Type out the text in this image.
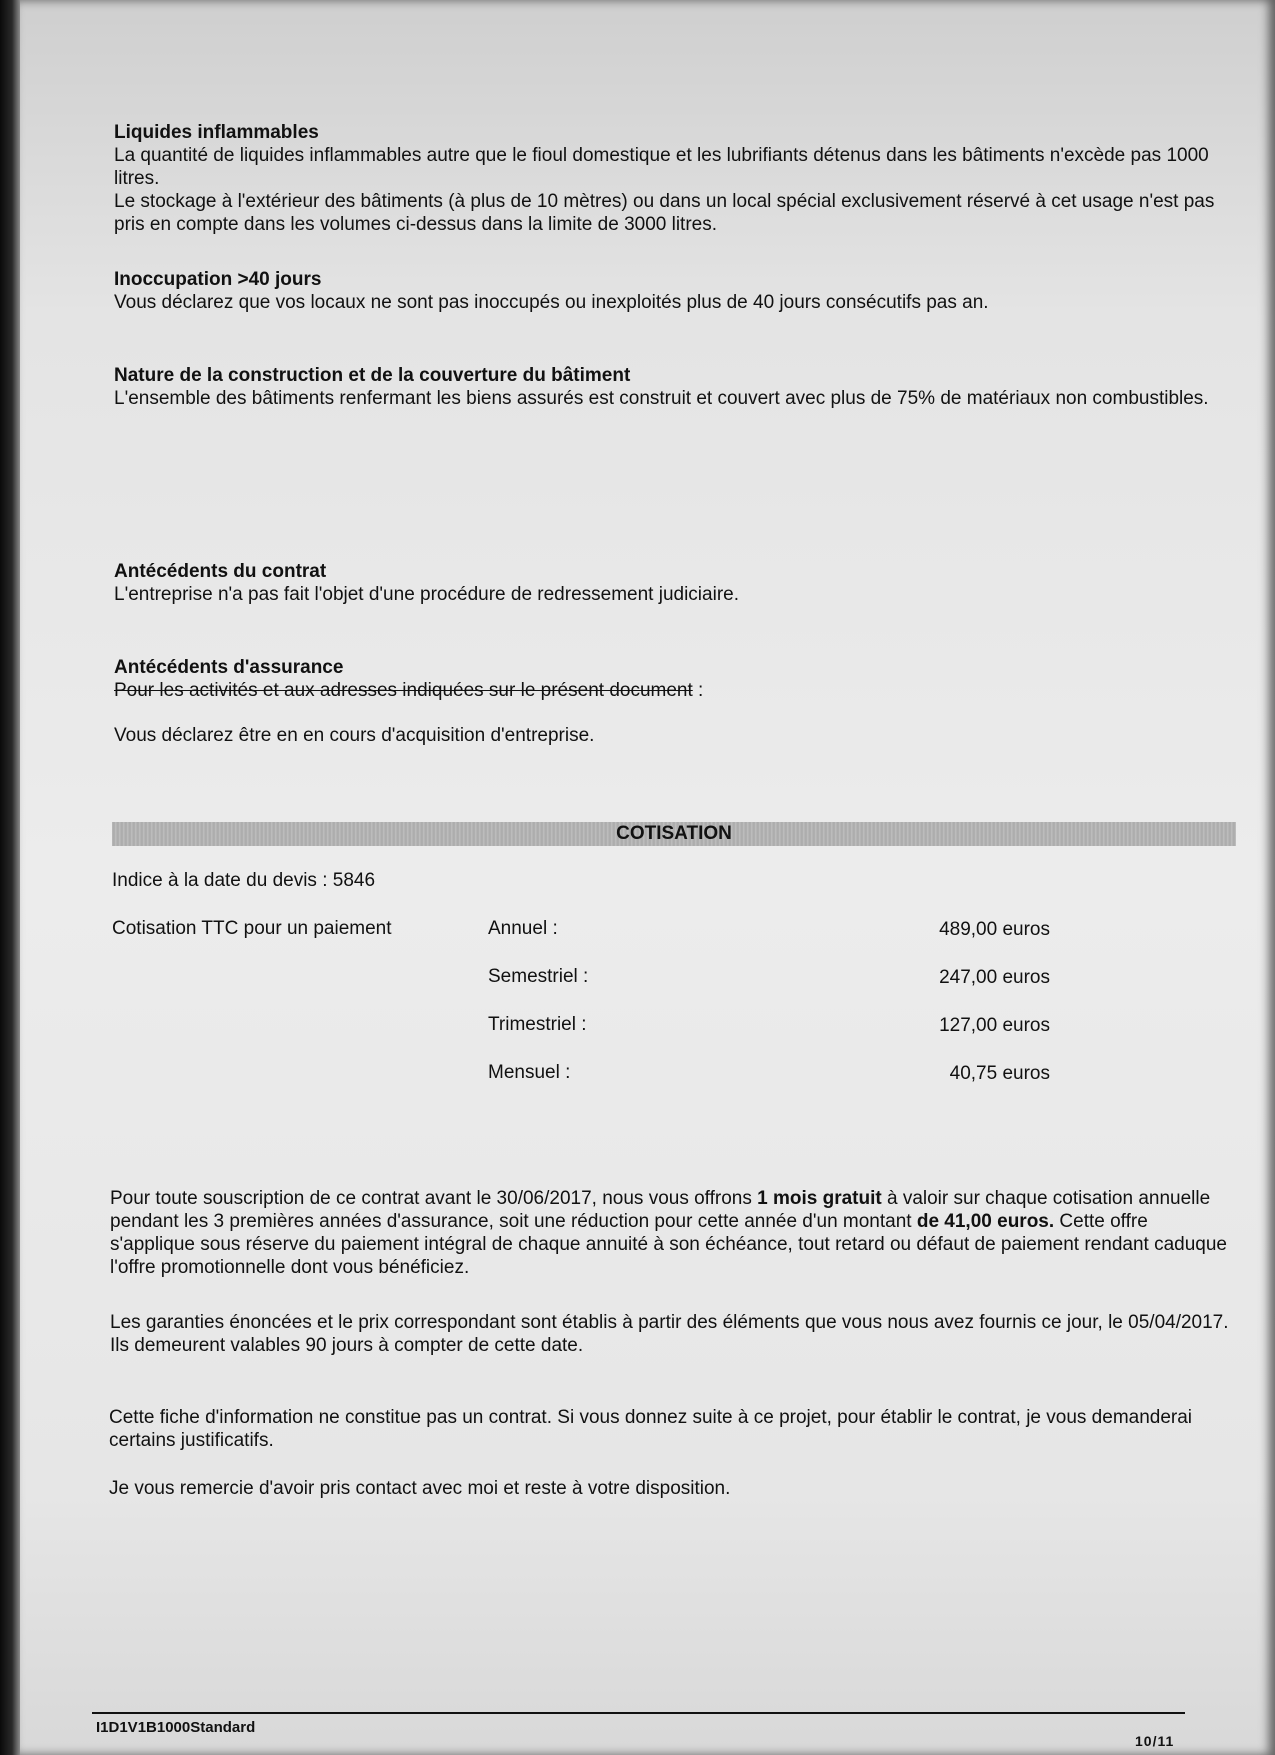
Liquides inflammables
La quantité de liquides inflammables autre que le fioul domestique et les lubrifiants détenus dans les bâtiments n'excède pas 1000 litres.
Le stockage à l'extérieur des bâtiments (à plus de 10 mètres) ou dans un local spécial exclusivement réservé à cet usage n'est pas pris en compte dans les volumes ci-dessus dans la limite de 3000 litres.
Inoccupation >40 jours
Vous déclarez que vos locaux ne sont pas inoccupés ou inexploités plus de 40 jours consécutifs pas an.
Nature de la construction et de la couverture du bâtiment
L'ensemble des bâtiments renfermant les biens assurés est construit et couvert avec plus de 75% de matériaux non combustibles.
Antécédents du contrat
L'entreprise n'a pas fait l'objet d'une procédure de redressement judiciaire.
Antécédents d'assurance
Pour les activités et aux adresses indiquées sur le présent document :
Vous déclarez être en en cours d'acquisition d'entreprise.
COTISATION
Indice à la date du devis : 5846
Cotisation TTC pour un paiement	Annuel :	489,00 euros
Semestriel :	247,00 euros
Trimestriel :	127,00 euros
Mensuel :	40,75 euros
Pour toute souscription de ce contrat avant le 30/06/2017, nous vous offrons 1 mois gratuit à valoir sur chaque cotisation annuelle pendant les 3 premières années d'assurance, soit une réduction pour cette année d'un montant de 41,00 euros. Cette offre s'applique sous réserve du paiement intégral de chaque annuité à son échéance, tout retard ou défaut de paiement rendant caduque l'offre promotionnelle dont vous bénéficiez.
Les garanties énoncées et le prix correspondant sont établis à partir des éléments que vous nous avez fournis ce jour, le 05/04/2017. Ils demeurent valables 90 jours à compter de cette date.
Cette fiche d'information ne constitue pas un contrat. Si vous donnez suite à ce projet, pour établir le contrat, je vous demanderai certains justificatifs.
Je vous remercie d'avoir pris contact avec moi et reste à votre disposition.
I1D1V1B1000Standard
10/11
